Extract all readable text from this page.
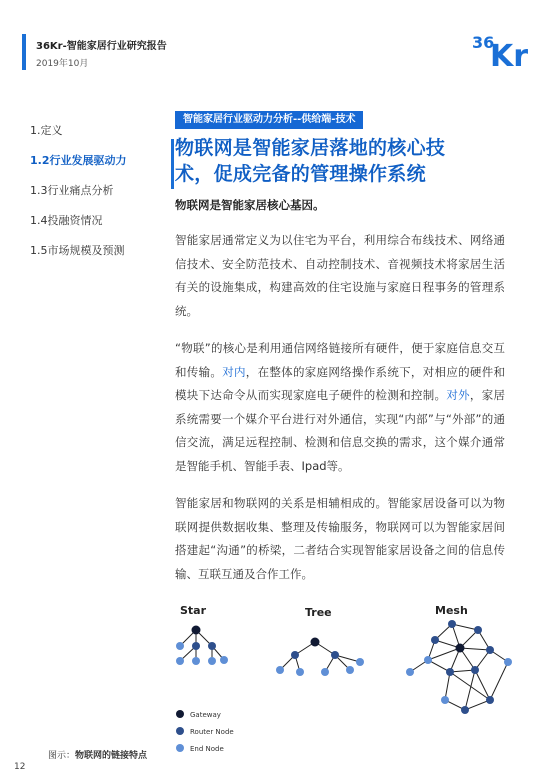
36Kr-智能家居行业研究报告
2019年10月
36
Kr
1.定义
1.2行业发展驱动力
1.3行业痛点分析
1.4投融资情况
1.5市场规模及预测
智能家居行业驱动力分析--供给端-技术
物联网是智能家居落地的核心技
术，促成完备的管理操作系统
物联网是智能家居核心基因。

智能家居通常定义为以住宅为平台，利用综合布线技术、网络通信技术、安全防范技术、自动控制技术、音视频技术将家居生活有关的设施集成，构建高效的住宅设施与家庭日程事务的管理系统。

“物联”的核心是利用通信网络链接所有硬件，便于家庭信息交互和传输。对内，在整体的家庭网络操作系统下，对相应的硬件和模块下达命令从而实现家庭电子硬件的检测和控制。对外，家居系统需要一个媒介平台进行对外通信，实现“内部”与“外部”的通信交流，满足远程控制、检测和信息交换的需求，这个媒介通常是智能手机、智能手表、Ipad等。

智能家居和物联网的关系是相辅相成的。智能家居设备可以为物联网提供数据收集、整理及传输服务，物联网可以为智能家居间搭建起“沟通”的桥梁，二者结合实现智能家居设备之间的信息传输、互联互通及合作工作。

Star	Tree	Mesh
Gateway
Router Node
End Node
图示：物联网的链接特点
12
